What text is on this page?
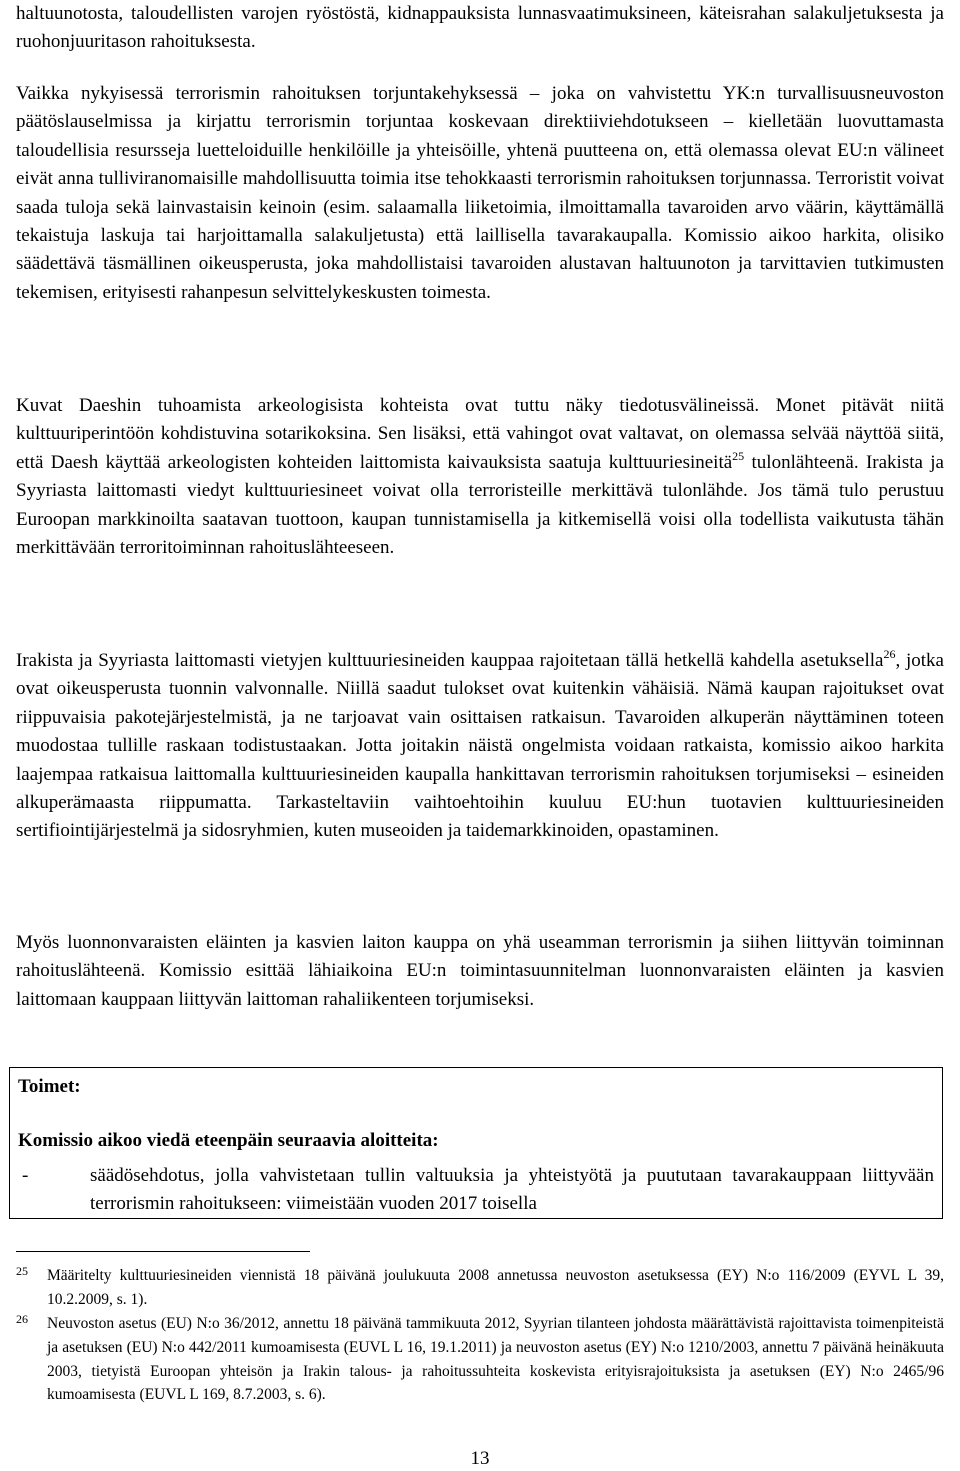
haltuunotosta, taloudellisten varojen ryöstöstä, kidnappauksista lunnasvaatimuksineen, käteisrahan salakuljetuksesta ja ruohonjuuritason rahoituksesta.

Vaikka nykyisessä terrorismin rahoituksen torjuntakehyksessä – joka on vahvistettu YK:n turvallisuusneuvoston päätöslauselmissa ja kirjattu terrorismin torjuntaa koskevaan direktiiviehdotukseen – kielletään luovuttamasta taloudellisia resursseja luetteloiduille henkilöille ja yhteisöille, yhtenä puutteena on, että olemassa olevat EU:n välineet eivät anna tulliviranomaisille mahdollisuutta toimia itse tehokkaasti terrorismin rahoituksen torjunnassa. Terroristit voivat saada tuloja sekä lainvastaisin keinoin (esim. salaamalla liiketoimia, ilmoittamalla tavaroiden arvo väärin, käyttämällä tekaistuja laskuja tai harjoittamalla salakuljetusta) että laillisella tavarakaupalla. Komissio aikoo harkita, olisiko säädettävä täsmällinen oikeusperusta, joka mahdollistaisi tavaroiden alustavan haltuunoton ja tarvittavien tutkimusten tekemisen, erityisesti rahanpesun selvittelykeskusten toimesta.

Kuvat Daeshin tuhoamista arkeologisista kohteista ovat tuttu näky tiedotusvälineissä. Monet pitävät niitä kulttuuriperintöön kohdistuvina sotarikoksina. Sen lisäksi, että vahingot ovat valtavat, on olemassa selvää näyttöä siitä, että Daesh käyttää arkeologisten kohteiden laittomista kaivauksista saatuja kulttuuriesineitä$^{25}$ tulonlähteenä. Irakista ja Syyriasta laittomasti viedyt kulttuuriesineet voivat olla terroristeille merkittävä tulonlähde. Jos tämä tulo perustuu Euroopan markkinoilta saatavan tuottoon, kaupan tunnistamisella ja kitkemisellä voisi olla todellista vaikutusta tähän merkittävään terroritoiminnan rahoituslähteeseen.

Irakista ja Syyriasta laittomasti vietyjen kulttuuriesineiden kauppaa rajoitetaan tällä hetkellä kahdella asetuksella$^{26}$, jotka ovat oikeusperusta tuonnin valvonnalle. Niillä saadut tulokset ovat kuitenkin vähäisiä. Nämä kaupan rajoitukset ovat riippuvaisia pakotejärjestelmistä, ja ne tarjoavat vain osittaisen ratkaisun. Tavaroiden alkuperän näyttäminen toteen muodostaa tullille raskaan todistustaakan. Jotta joitakin näistä ongelmista voidaan ratkaista, komissio aikoo harkita laajempaa ratkaisua laittomalla kulttuuriesineiden kaupalla hankittavan terrorismin rahoituksen torjumiseksi – esineiden alkuperämaasta riippumatta. Tarkasteltaviin vaihtoehtoihin kuuluu EU:hun tuotavien kulttuuriesineiden sertifiointijärjestelmä ja sidosryhmien, kuten museoiden ja taidemarkkinoiden, opastaminen.

Myös luonnonvaraisten eläinten ja kasvien laiton kauppa on yhä useamman terrorismin ja siihen liittyvän toiminnan rahoituslähteenä. Komissio esittää lähiaikoina EU:n toimintasuunnitelman luonnonvaraisten eläinten ja kasvien laittomaan kauppaan liittyvän laittoman rahaliikenteen torjumiseksi.

Toimet:

Komissio aikoo viedä eteenpäin seuraavia aloitteita:

-	säädösehdotus, jolla vahvistetaan tullin valtuuksia ja yhteistyötä ja puututaan tavarakauppaan liittyvään terrorismin rahoitukseen: viimeistään vuoden 2017 toisella

25 Määritelty kulttuuriesineiden viennistä 18 päivänä joulukuuta 2008 annetussa neuvoston asetuksessa (EY) N:o 116/2009 (EYVL L 39, 10.2.2009, s. 1).

26 Neuvoston asetus (EU) N:o 36/2012, annettu 18 päivänä tammikuuta 2012, Syyrian tilanteen johdosta määrättävistä rajoittavista toimenpiteistä ja asetuksen (EU) N:o 442/2011 kumoamisesta (EUVL L 16, 19.1.2011) ja neuvoston asetus (EY) N:o 1210/2003, annettu 7 päivänä heinäkuuta 2003, tietyistä Euroopan yhteisön ja Irakin talous- ja rahoitussuhteita koskevista erityisrajoituksista ja asetuksen (EY) N:o 2465/96 kumoamisesta (EUVL L 169, 8.7.2003, s. 6).

13
